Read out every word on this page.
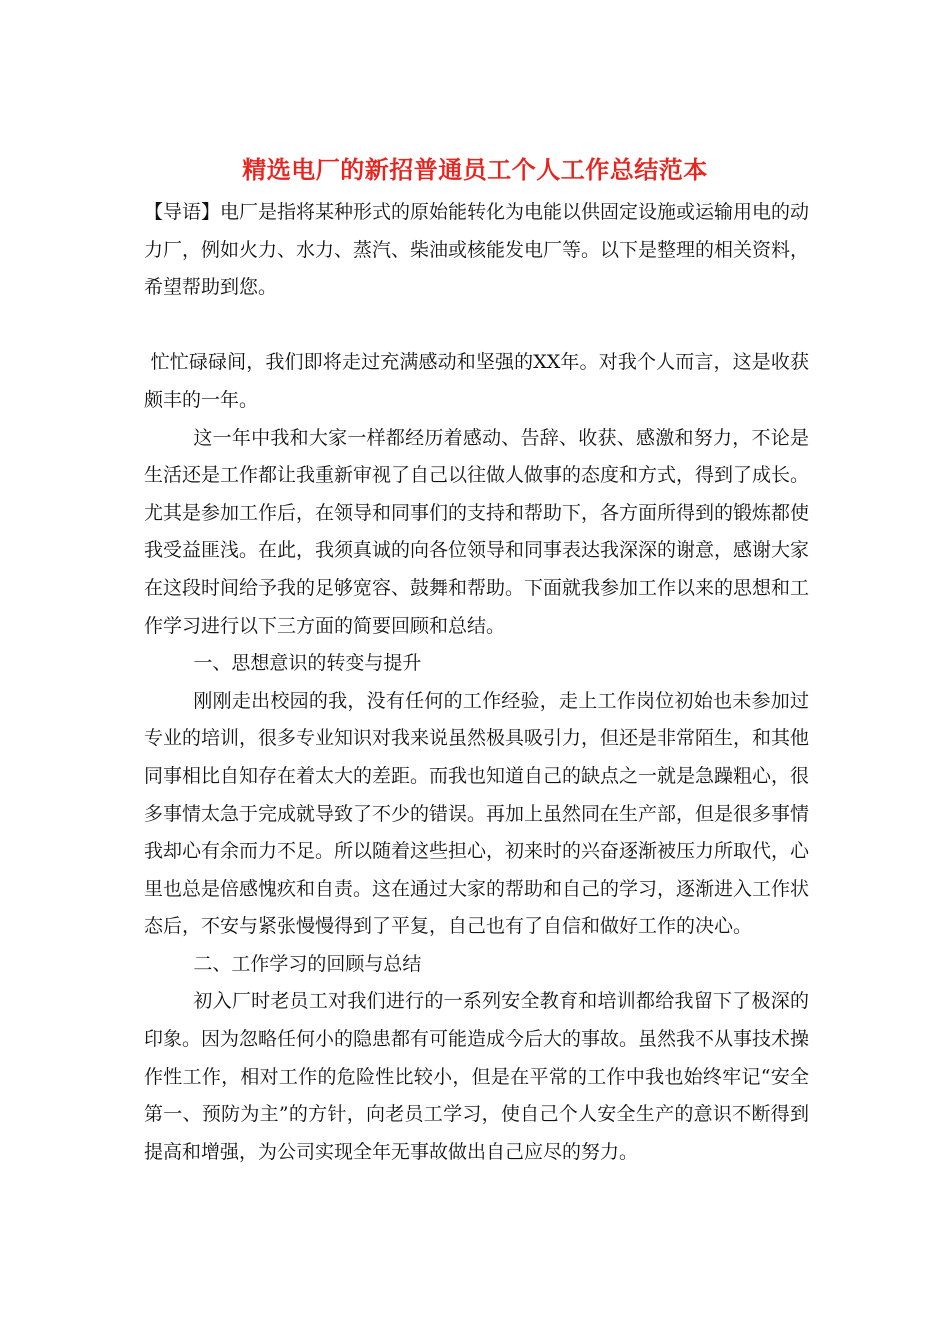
精选电厂的新招普通员工个人工作总结范本

【导语】电厂是指将某种形式的原始能转化为电能以供固定设施或运输用电的动力厂，例如火力、水力、蒸汽、柴油或核能发电厂等。以下是整理的相关资料，希望帮助到您。

忙忙碌碌间，我们即将走过充满感动和坚强的XX年。对我个人而言，这是收获颇丰的一年。

这一年中我和大家一样都经历着感动、告辞、收获、感激和努力，不论是生活还是工作都让我重新审视了自己以往做人做事的态度和方式，得到了成长。尤其是参加工作后，在领导和同事们的支持和帮助下，各方面所得到的锻炼都使我受益匪浅。在此，我须真诚的向各位领导和同事表达我深深的谢意，感谢大家在这段时间给予我的足够宽容、鼓舞和帮助。下面就我参加工作以来的思想和工作学习进行以下三方面的简要回顾和总结。

一、思想意识的转变与提升

刚刚走出校园的我，没有任何的工作经验，走上工作岗位初始也未参加过专业的培训，很多专业知识对我来说虽然极具吸引力，但还是非常陌生，和其他同事相比自知存在着太大的差距。而我也知道自己的缺点之一就是急躁粗心，很多事情太急于完成就导致了不少的错误。再加上虽然同在生产部，但是很多事情我却心有余而力不足。所以随着这些担心，初来时的兴奋逐渐被压力所取代，心里也总是倍感愧疚和自责。这在通过大家的帮助和自己的学习，逐渐进入工作状态后，不安与紧张慢慢得到了平复，自己也有了自信和做好工作的决心。

二、工作学习的回顾与总结

初入厂时老员工对我们进行的一系列安全教育和培训都给我留下了极深的印象。因为忽略任何小的隐患都有可能造成今后大的事故。虽然我不从事技术操作性工作，相对工作的危险性比较小，但是在平常的工作中我也始终牢记“安全第一、预防为主”的方针，向老员工学习，使自己个人安全生产的意识不断得到提高和增强，为公司实现全年无事故做出自己应尽的努力。
